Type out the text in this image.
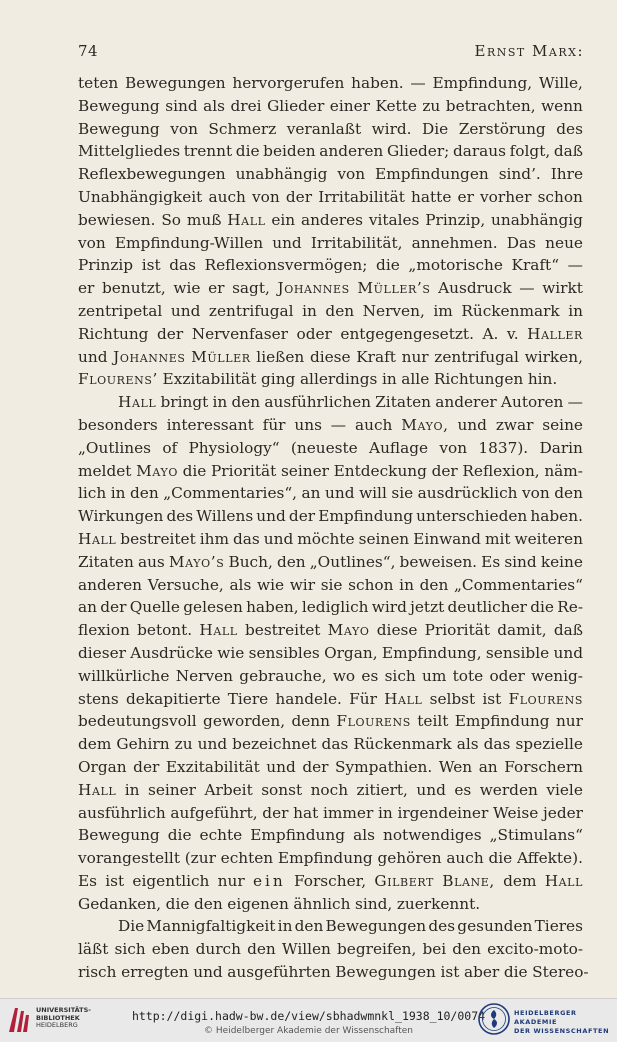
74	Ernst Marx:
teten Bewegungen hervorgerufen haben. — Empfindung, Wille,
Bewegung sind als drei Glieder einer Kette zu betrachten, wenn
Bewegung von Schmerz veranlaßt wird. Die Zerstörung des
Mittelgliedes trennt die beiden anderen Glieder; daraus folgt, daß
Reflexbewegungen unabhängig von Empfindungen sind’. Ihre
Unabhängigkeit auch von der Irritabilität hatte er vorher schon
bewiesen. So muß Hall ein anderes vitales Prinzip, unabhängig
von Empfindung-Willen und Irritabilität, annehmen. Das neue
Prinzip ist das Reflexionsvermögen; die „motorische Kraft“ —
er benutzt, wie er sagt, Johannes Müller’s Ausdruck — wirkt
zentripetal und zentrifugal in den Nerven, im Rückenmark in
Richtung der Nervenfaser oder entgegengesetzt. A. v. Haller
und Johannes Müller ließen diese Kraft nur zentrifugal wirken,
Flourens’ Exzitabilität ging allerdings in alle Richtungen hin.
Hall bringt in den ausführlichen Zitaten anderer Autoren —
besonders interessant für uns — auch Mayo, und zwar seine
„Outlines of Physiology“ (neueste Auflage von 1837). Darin
meldet Mayo die Priorität seiner Entdeckung der Reflexion, näm-
lich in den „Commentaries“, an und will sie ausdrücklich von den
Wirkungen des Willens und der Empfindung unterschieden haben.
Hall bestreitet ihm das und möchte seinen Einwand mit weiteren
Zitaten aus Mayo’s Buch, den „Outlines“, beweisen. Es sind keine
anderen Versuche, als wie wir sie schon in den „Commentaries“
an der Quelle gelesen haben, lediglich wird jetzt deutlicher die Re-
flexion betont. Hall bestreitet Mayo diese Priorität damit, daß
dieser Ausdrücke wie sensibles Organ, Empfindung, sensible und
willkürliche Nerven gebrauche, wo es sich um tote oder wenig-
stens dekapitierte Tiere handele. Für Hall selbst ist Flourens
bedeutungsvoll geworden, denn Flourens teilt Empfindung nur
dem Gehirn zu und bezeichnet das Rückenmark als das spezielle
Organ der Exzitabilität und der Sympathien. Wen an Forschern
Hall in seiner Arbeit sonst noch zitiert, und es werden viele
ausführlich aufgeführt, der hat immer in irgendeiner Weise jeder
Bewegung die echte Empfindung als notwendiges „Stimulans“
vorangestellt (zur echten Empfindung gehören auch die Affekte).
Es ist eigentlich nur ein Forscher, Gilbert Blane, dem Hall
Gedanken, die den eigenen ähnlich sind, zuerkennt.
Die Mannigfaltigkeit in den Bewegungen des gesunden Tieres
läßt sich eben durch den Willen begreifen, bei den excito-moto-
risch erregten und ausgeführten Bewegungen ist aber die Stereo-
UNIVERSITÄTS-
BIBLIOTHEK
HEIDELBERG
http://digi.hadw-bw.de/view/sbhadwmnkl_1938_10/0074
© Heidelberger Akademie der Wissenschaften
HEIDELBERGER AKADEMIE
DER WISSENSCHAFTEN
